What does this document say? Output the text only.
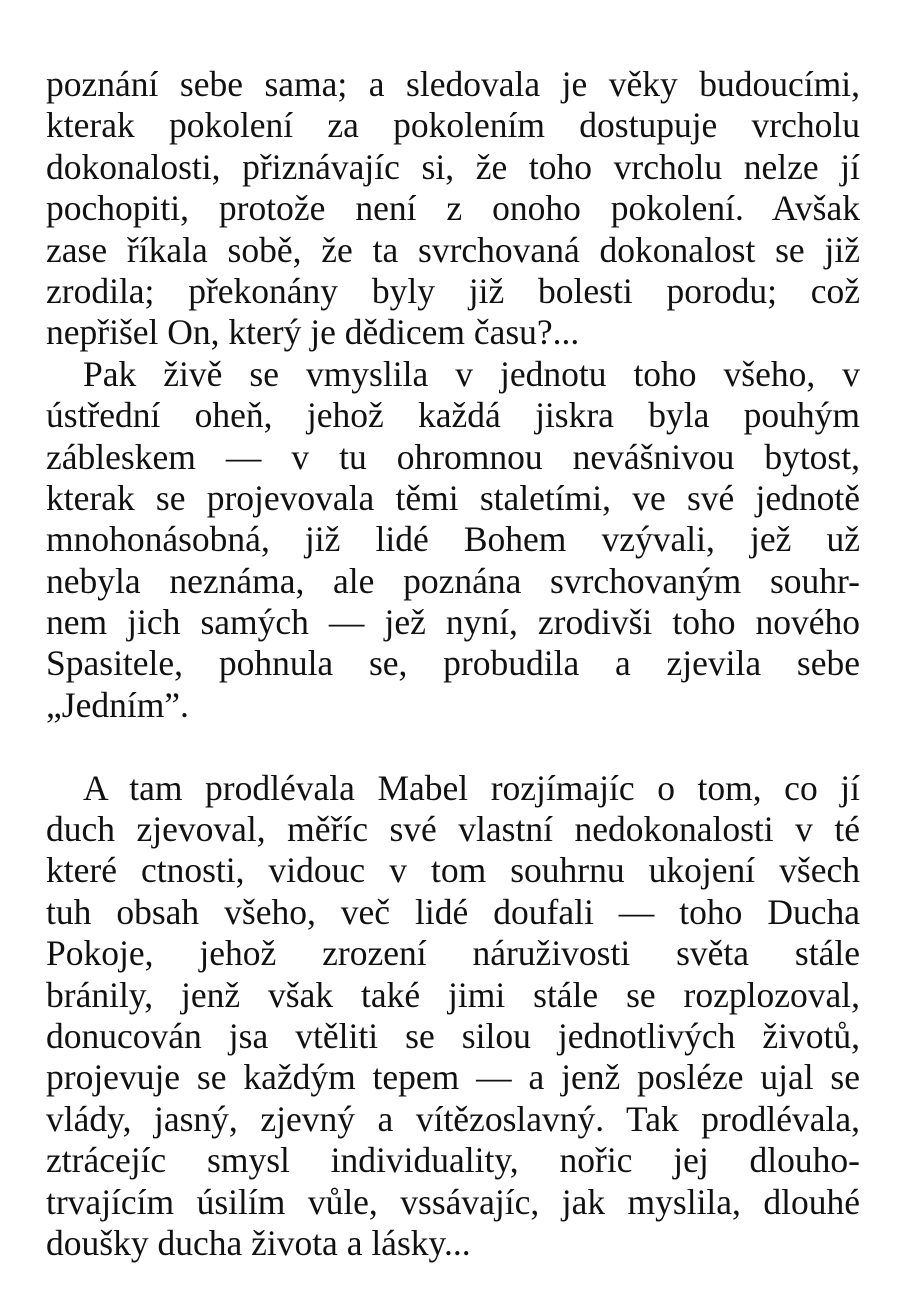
poznání sebe sama; a sledovala je věky budoucími,
kterak pokolení za pokolením dostupuje vrcholu
dokonalosti, přiznávajíc si, že toho vrcholu nelze jí
pochopiti, protože není z onoho pokolení. Avšak
zase říkala sobě, že ta svrchovaná dokonalost se již
zrodila; překonány byly již bolesti porodu; což
nepřišel On, který je dědicem času?...
Pak živě se vmyslila v jednotu toho všeho, v
ústřední oheň, jehož každá jiskra byla pouhým
zábleskem — v tu ohromnou nevášnivou bytost,
kterak se projevovala těmi staletími, ve své jednotě
mnohonásobná, již lidé Bohem vzývali, jež už
nebyla neznáma, ale poznána svrchovaným souhr-
nem jich samých — jež nyní, zrodivši toho nového
Spasitele, pohnula se, probudila a zjevila sebe
„Jedním”.
A tam prodlévala Mabel rozjímajíc o tom, co jí
duch zjevoval, měříc své vlastní nedokonalosti v té
které ctnosti, vidouc v tom souhrnu ukojení všech
tuh obsah všeho, več lidé doufali — toho Ducha
Pokoje, jehož zrození náruživosti světa stále
bránily, jenž však také jimi stále se rozplozoval,
donucován jsa vtěliti se silou jednotlivých životů,
projevuje se každým tepem — a jenž posléze ujal se
vlády, jasný, zjevný a vítězoslavný. Tak prodlévala,
ztrácejíc smysl individuality, nořic jej dlouho-
trvajícím úsilím vůle, vssávajíc, jak myslila, dlouhé
doušky ducha života a lásky...
